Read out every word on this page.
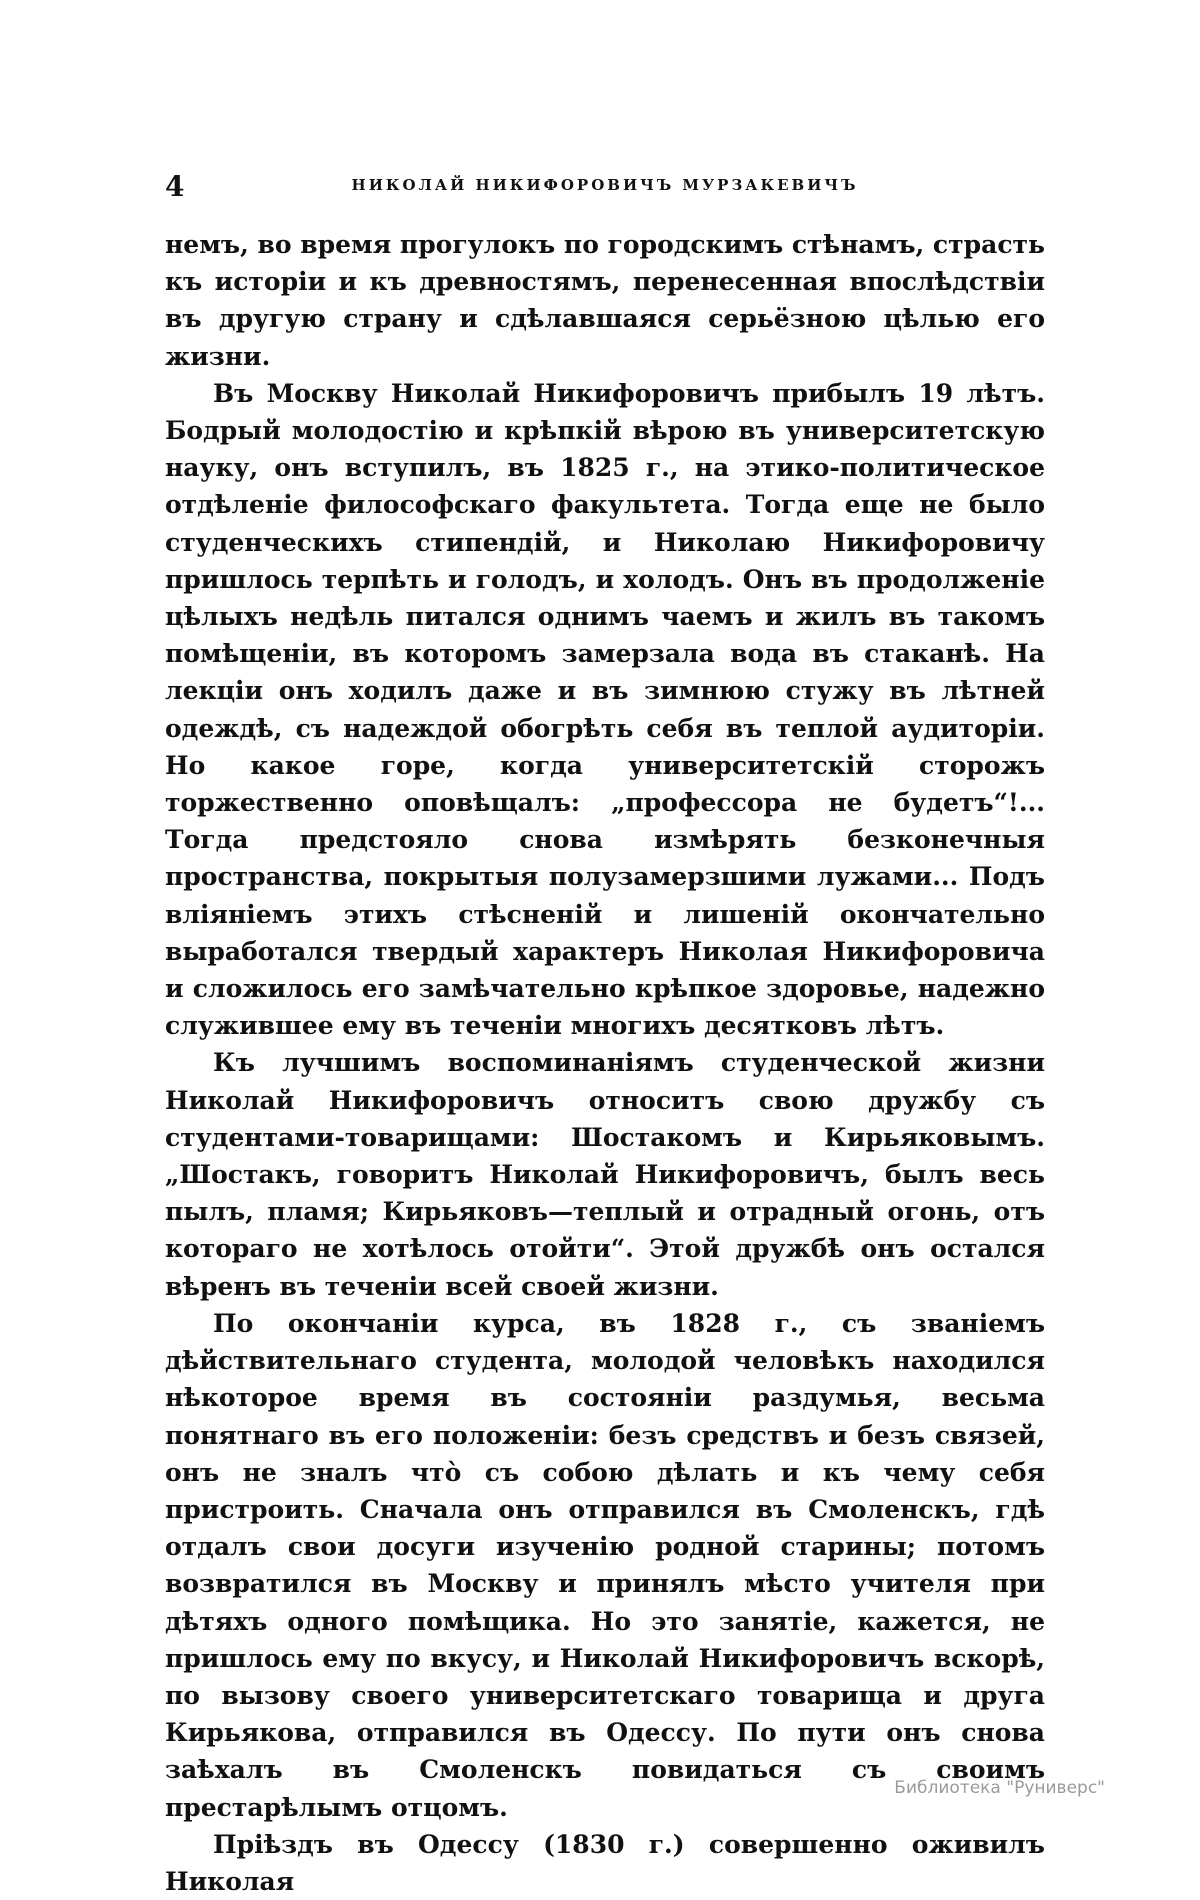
4	НИКОЛАЙ НИКИФОРОВИЧЪ МУРЗАКЕВИЧЪ

немъ, во время прогулокъ по городскимъ стѣнамъ, страсть къ исторіи и къ древностямъ, перенесенная впослѣдствіи въ другую страну и сдѣлавшаяся серьёзною цѣлью его жизни.

Въ Москву Николай Никифоровичъ прибылъ 19 лѣтъ. Бодрый молодостію и крѣпкій вѣрою въ университетскую науку, онъ вступилъ, въ 1825 г., на этико-политическое отдѣленіе философскаго факультета. Тогда еще не было студенческихъ стипендій, и Николаю Никифоровичу пришлось терпѣть и голодъ, и холодъ. Онъ въ продолженіе цѣлыхъ недѣль питался однимъ чаемъ и жилъ въ такомъ помѣщеніи, въ которомъ замерзала вода въ стаканѣ. На лекціи онъ ходилъ даже и въ зимнюю стужу въ лѣтней одеждѣ, съ надеждой обогрѣть себя въ теплой аудиторіи. Но какое горе, когда университетскій сторожъ торжественно оповѣщалъ: „профессора не будетъ“!... Тогда предстояло снова измѣрять безконечныя пространства, покрытыя полузамерзшими лужами... Подъ вліяніемъ этихъ стѣсненій и лишеній окончательно выработался твердый характеръ Николая Никифоровича и сложилось его замѣчательно крѣпкое здоровье, надежно служившее ему въ теченіи многихъ десятковъ лѣтъ.

Къ лучшимъ воспоминаніямъ студенческой жизни Николай Никифоровичъ относитъ свою дружбу съ студентами-товарищами: Шостакомъ и Кирьяковымъ. „Шостакъ, говоритъ Николай Никифоровичъ, былъ весь пылъ, пламя; Кирьяковъ—теплый и отрадный огонь, отъ котораго не хотѣлось отойти“. Этой дружбѣ онъ остался вѣренъ въ теченіи всей своей жизни.

По окончаніи курса, въ 1828 г., съ званіемъ дѣйствительнаго студента, молодой человѣкъ находился нѣкоторое время въ состояніи раздумья, весьма понятнаго въ его положеніи: безъ средствъ и безъ связей, онъ не зналъ что̀ съ собою дѣлать и къ чему себя пристроить. Сначала онъ отправился въ Смоленскъ, гдѣ отдалъ свои досуги изученію родной старины; потомъ возвратился въ Москву и принялъ мѣсто учителя при дѣтяхъ одного помѣщика. Но это занятіе, кажется, не пришлось ему по вкусу, и Николай Никифоровичъ вскорѣ, по вызову своего университетскаго товарища и друга Кирьякова, отправился въ Одессу. По пути онъ снова заѣхалъ въ Смоленскъ повидаться съ своимъ престарѣлымъ отцомъ.

Пріѣздъ въ Одессу (1830 г.) совершенно оживилъ Николая

Библиотека "Руниверс"
